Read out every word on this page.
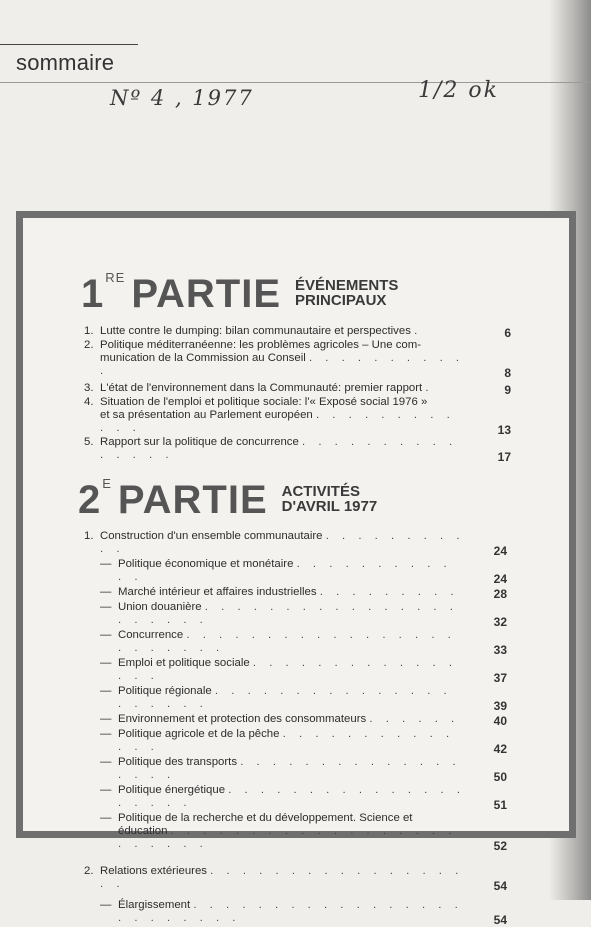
sommaire
Nº 4 , 1977	1/2 ok
1RE PARTIE ÉVÉNEMENTS
PRINCIPAUX
1. Lutte contre le dumping: bilan communautaire et perspectives .	6
2. Politique méditerranéenne: les problèmes agricoles – Une com-
munication de la Commission au Conseil . . . . . . . . . . .	8
3. L'état de l'environnement dans la Communauté: premier rapport .	9
4. Situation de l'emploi et politique sociale: l'« Exposé social 1976 »
et sa présentation au Parlement européen . . . . . . . . . . . .	13
5. Rapport sur la politique de concurrence . . . . . . . . . . . . . . .	17
$2^E$ PARTIE ACTIVITÉS
D'AVRIL 1977
1. Construction d'un ensemble communautaire . . . . . . . . . . .	24
— Politique économique et monétaire . . . . . . . . . . . .	24
— Marché intérieur et affaires industrielles . . . . . . . . .	28
— Union douanière . . . . . . . . . . . . . . . . . . . . . .	32
— Concurrence . . . . . . . . . . . . . . . . . . . . . . . .	33
— Emploi et politique sociale . . . . . . . . . . . . . . . .	37
— Politique régionale . . . . . . . . . . . . . . . . . . . . .	39
— Environnement et protection des consommateurs . . . . . .	40
— Politique agricole et de la pêche . . . . . . . . . . . . . .	42
— Politique des transports . . . . . . . . . . . . . . . . . .	50
— Politique énergétique . . . . . . . . . . . . . . . . . . . .	51
— Politique de la recherche et du développement. Science et
éducation . . . . . . . . . . . . . . . . . . . . . . . .	52
2. Relations extérieures . . . . . . . . . . . . . . . . . .	54
— Élargissement . . . . . . . . . . . . . . . . . . . . . . . . .	54
